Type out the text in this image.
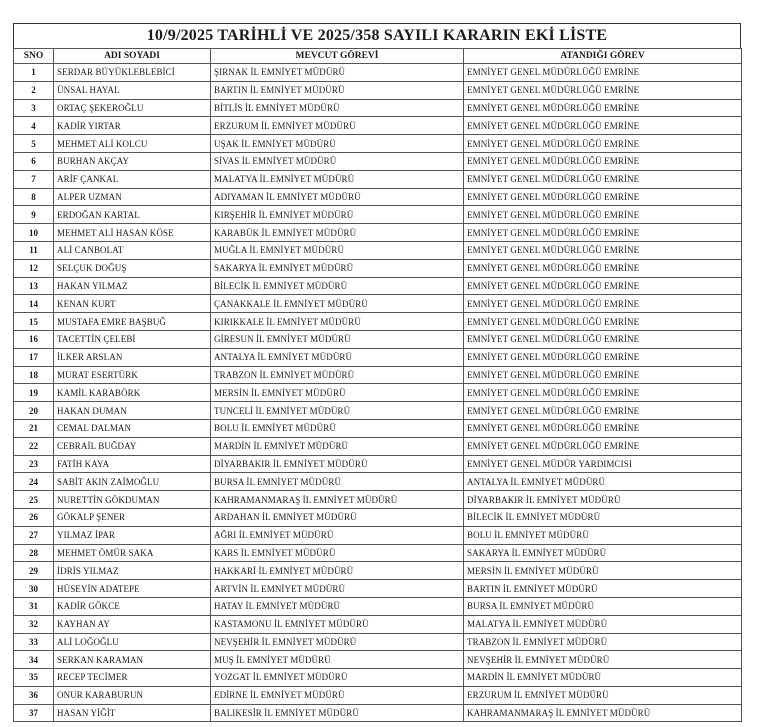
10/9/2025 TARİHLİ VE 2025/358 SAYILI KARARIN EKİ LİSTE
SNO	ADI SOYADI	MEVCUT GÖREVİ	ATANDIĞI GÖREV
1	SERDAR BÜYÜKLEBLEBİCİ	ŞIRNAK İL EMNİYET MÜDÜRÜ	EMNİYET GENEL MÜDÜRLÜĞÜ EMRİNE
2	ÜNSAL HAYAL	BARTIN İL EMNİYET MÜDÜRÜ	EMNİYET GENEL MÜDÜRLÜĞÜ EMRİNE
3	ORTAÇ ŞEKEROĞLU	BİTLİS İL EMNİYET MÜDÜRÜ	EMNİYET GENEL MÜDÜRLÜĞÜ EMRİNE
4	KADİR YIRTAR	ERZURUM İL EMNİYET MÜDÜRÜ	EMNİYET GENEL MÜDÜRLÜĞÜ EMRİNE
5	MEHMET ALİ KOLCU	UŞAK İL EMNİYET MÜDÜRÜ	EMNİYET GENEL MÜDÜRLÜĞÜ EMRİNE
6	BURHAN AKÇAY	SİVAS İL EMNİYET MÜDÜRÜ	EMNİYET GENEL MÜDÜRLÜĞÜ EMRİNE
7	ARİF ÇANKAL	MALATYA İL EMNİYET MÜDÜRÜ	EMNİYET GENEL MÜDÜRLÜĞÜ EMRİNE
8	ALPER UZMAN	ADIYAMAN İL EMNİYET MÜDÜRÜ	EMNİYET GENEL MÜDÜRLÜĞÜ EMRİNE
9	ERDOĞAN KARTAL	KIRŞEHİR İL EMNİYET MÜDÜRÜ	EMNİYET GENEL MÜDÜRLÜĞÜ EMRİNE
10	MEHMET ALİ HASAN KÖSE	KARABÜK İL EMNİYET MÜDÜRÜ	EMNİYET GENEL MÜDÜRLÜĞÜ EMRİNE
11	ALİ CANBOLAT	MUĞLA İL EMNİYET MÜDÜRÜ	EMNİYET GENEL MÜDÜRLÜĞÜ EMRİNE
12	SELÇUK DOĞUŞ	SAKARYA İL EMNİYET MÜDÜRÜ	EMNİYET GENEL MÜDÜRLÜĞÜ EMRİNE
13	HAKAN YILMAZ	BİLECİK İL EMNİYET MÜDÜRÜ	EMNİYET GENEL MÜDÜRLÜĞÜ EMRİNE
14	KENAN KURT	ÇANAKKALE İL EMNİYET MÜDÜRÜ	EMNİYET GENEL MÜDÜRLÜĞÜ EMRİNE
15	MUSTAFA EMRE BAŞBUĞ	KIRIKKALE İL EMNİYET MÜDÜRÜ	EMNİYET GENEL MÜDÜRLÜĞÜ EMRİNE
16	TACETTİN ÇELEBİ	GİRESUN İL EMNİYET MÜDÜRÜ	EMNİYET GENEL MÜDÜRLÜĞÜ EMRİNE
17	İLKER ARSLAN	ANTALYA İL EMNİYET MÜDÜRÜ	EMNİYET GENEL MÜDÜRLÜĞÜ EMRİNE
18	MURAT ESERTÜRK	TRABZON İL EMNİYET MÜDÜRÜ	EMNİYET GENEL MÜDÜRLÜĞÜ EMRİNE
19	KAMİL KARABÖRK	MERSİN İL EMNİYET MÜDÜRÜ	EMNİYET GENEL MÜDÜRLÜĞÜ EMRİNE
20	HAKAN DUMAN	TUNCELİ İL EMNİYET MÜDÜRÜ	EMNİYET GENEL MÜDÜRLÜĞÜ EMRİNE
21	CEMAL DALMAN	BOLU İL EMNİYET MÜDÜRÜ	EMNİYET GENEL MÜDÜRLÜĞÜ EMRİNE
22	CEBRAİL BUĞDAY	MARDİN İL EMNİYET MÜDÜRÜ	EMNİYET GENEL MÜDÜRLÜĞÜ EMRİNE
23	FATİH KAYA	DİYARBAKIR İL EMNİYET MÜDÜRÜ	EMNİYET GENEL MÜDÜR YARDIMCISI
24	SABİT AKIN ZAİMOĞLU	BURSA İL EMNİYET MÜDÜRÜ	ANTALYA İL EMNİYET MÜDÜRÜ
25	NURETTİN GÖKDUMAN	KAHRAMANMARAŞ İL EMNİYET MÜDÜRÜ	DİYARBAKIR İL EMNİYET MÜDÜRÜ
26	GÖKALP ŞENER	ARDAHAN İL EMNİYET MÜDÜRÜ	BİLECİK İL EMNİYET MÜDÜRÜ
27	YILMAZ İPAR	AĞRI İL EMNİYET MÜDÜRÜ	BOLU İL EMNİYET MÜDÜRÜ
28	MEHMET ÖMÜR SAKA	KARS İL EMNİYET MÜDÜRÜ	SAKARYA İL EMNİYET MÜDÜRÜ
29	İDRİS YILMAZ	HAKKARİ İL EMNİYET MÜDÜRÜ	MERSİN İL EMNİYET MÜDÜRÜ
30	HÜSEYİN ADATEPE	ARTVİN İL EMNİYET MÜDÜRÜ	BARTIN İL EMNİYET MÜDÜRÜ
31	KADİR GÖKCE	HATAY İL EMNİYET MÜDÜRÜ	BURSA İL EMNİYET MÜDÜRÜ
32	KAYHAN AY	KASTAMONU İL EMNİYET MÜDÜRÜ	MALATYA İL EMNİYET MÜDÜRÜ
33	ALİ LOĞOĞLU	NEVŞEHİR İL EMNİYET MÜDÜRÜ	TRABZON İL EMNİYET MÜDÜRÜ
34	SERKAN KARAMAN	MUŞ İL EMNİYET MÜDÜRÜ	NEVŞEHİR İL EMNİYET MÜDÜRÜ
35	RECEP TECİMER	YOZGAT İL EMNİYET MÜDÜRÜ	MARDİN İL EMNİYET MÜDÜRÜ
36	ONUR KARABURUN	EDİRNE İL EMNİYET MÜDÜRÜ	ERZURUM İL EMNİYET MÜDÜRÜ
37	HASAN YİĞİT	BALIKESİR İL EMNİYET MÜDÜRÜ	KAHRAMANMARAŞ İL EMNİYET MÜDÜRÜ
